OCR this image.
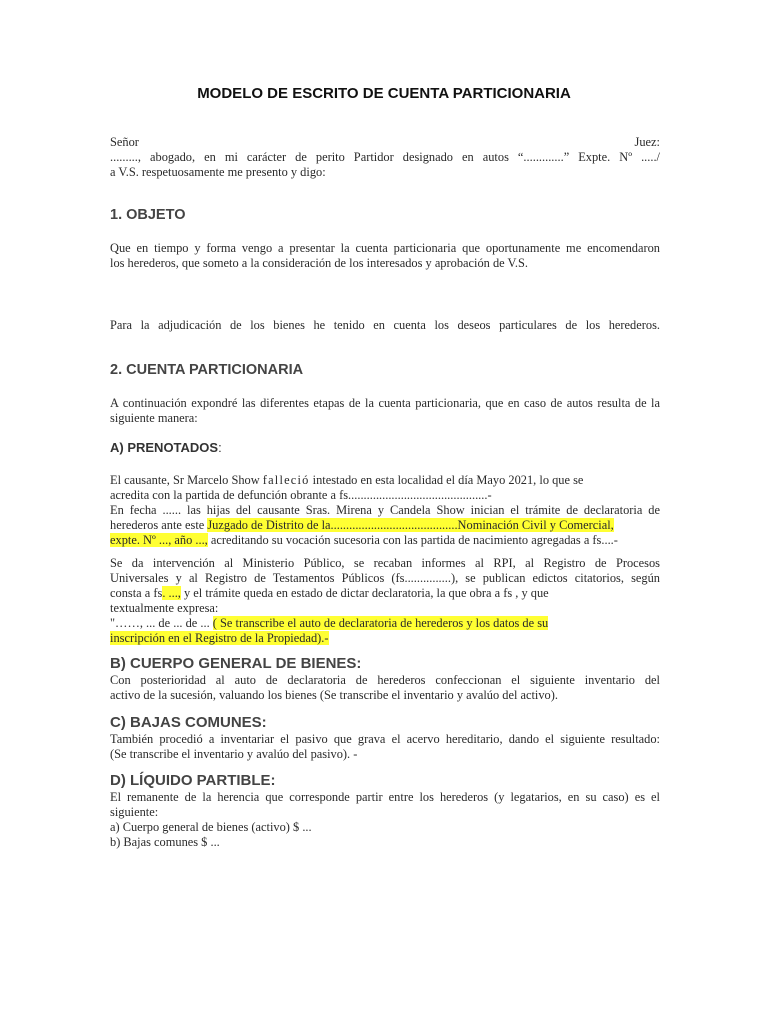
MODELO DE ESCRITO DE CUENTA PARTICIONARIA
Señor	Juez:
........., abogado, en mi carácter de perito Partidor designado en autos “.............” Expte. Nº ...../
a V.S. respetuosamente me presento y digo:
1. OBJETO
Que en tiempo y forma vengo a presentar la cuenta particionaria que oportunamente me encomendaron
los herederos, que someto a la consideración de los interesados y aprobación de V.S.
Para la adjudicación de los bienes he tenido en cuenta los deseos particulares de los herederos.
2. CUENTA PARTICIONARIA
A continuación expondré las diferentes etapas de la cuenta particionaria, que en caso de autos resulta de la
siguiente manera:
A) PRENOTADOS:
El causante, Sr Marcelo Show falleció intestado en esta localidad el día Mayo 2021, lo que se
acredita con la partida de defunción obrante a fs.............................................-
En fecha ...... las hijas del causante Sras. Mirena y Candela Show inician el trámite de declaratoria de
herederos ante este Juzgado de Distrito de la.........................................Nominación Civil y Comercial,
expte. Nº ..., año ..., acreditando su vocación sucesoria con las partida de nacimiento agregadas a fs....-
Se da intervención al Ministerio Público, se recaban informes al RPI, al Registro de Procesos
Universales y al Registro de Testamentos Públicos (fs...............), se publican edictos citatorios, según
consta a fs. ..., y el trámite queda en estado de dictar declaratoria, la que obra a fs , y que
textualmente expresa:
"……, ... de ... de ... ( Se transcribe el auto de declaratoria de herederos y los datos de su
inscripción en el Registro de la Propiedad).-
B) CUERPO GENERAL DE BIENES:
Con posterioridad al auto de declaratoria de herederos confeccionan el siguiente inventario del
activo de la sucesión, valuando los bienes (Se transcribe el inventario y avalúo del activo).
C) BAJAS COMUNES:
También procedió a inventariar el pasivo que grava el acervo hereditario, dando el siguiente resultado:
(Se transcribe el inventario y avalúo del pasivo). -
D) LÍQUIDO PARTIBLE:
El remanente de la herencia que corresponde partir entre los herederos (y legatarios, en su caso) es el
siguiente:
a) Cuerpo general de bienes (activo) $ ...
b) Bajas comunes $ ...
